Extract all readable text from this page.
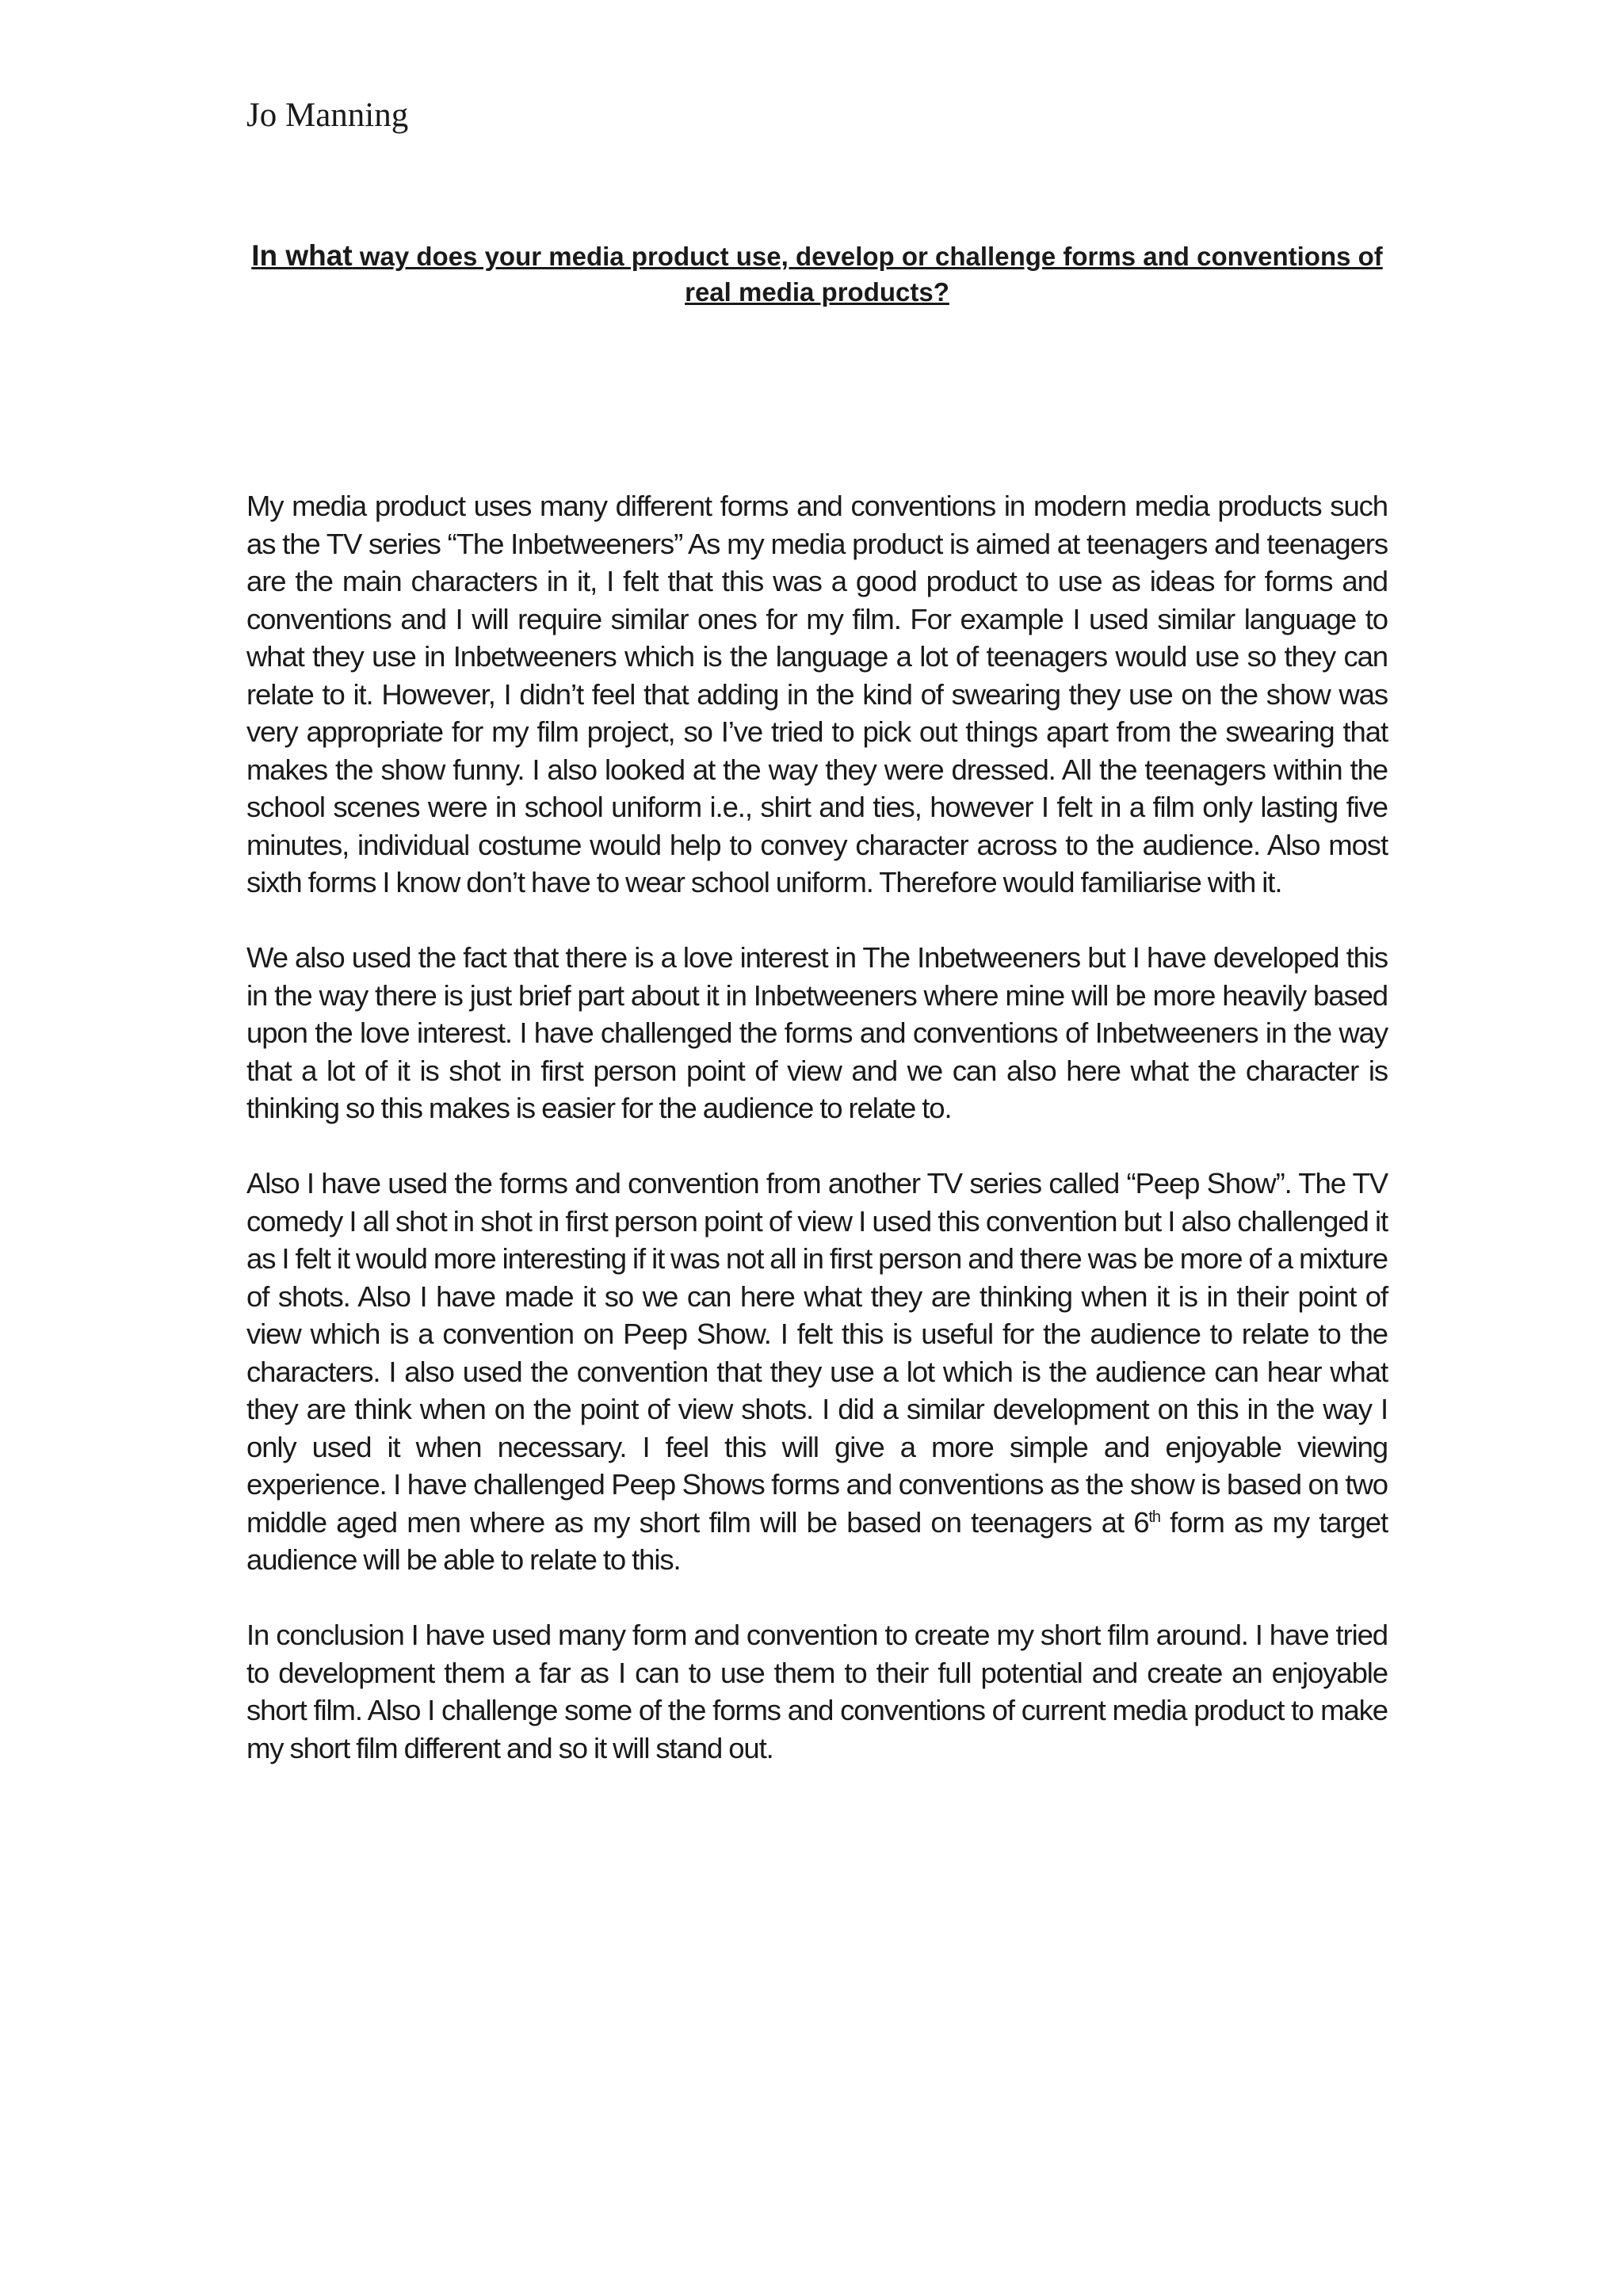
Jo Manning
In what way does your media product use, develop or challenge forms and conventions of real media products?

My media product uses many different forms and conventions in modern media products such as the TV series “The Inbetweeners” As my media product is aimed at teenagers and teenagers are the main characters in it, I felt that this was a good product to use as ideas for forms and conventions and I will require similar ones for my film. For example I used similar language to what they use in Inbetweeners which is the language a lot of teenagers would use so they can relate to it. However, I didn’t feel that adding in the kind of swearing they use on the show was very appropriate for my film project, so I’ve tried to pick out things apart from the swearing that makes the show funny. I also looked at the way they were dressed. All the teenagers within the school scenes were in school uniform i.e., shirt and ties, however I felt in a film only lasting five minutes, individual costume would help to convey character across to the audience. Also most sixth forms I know don’t have to wear school uniform. Therefore would familiarise with it.

We also used the fact that there is a love interest in The Inbetweeners but I have developed this in the way there is just brief part about it in Inbetweeners where mine will be more heavily based upon the love interest. I have challenged the forms and conventions of Inbetweeners in the way that a lot of it is shot in first person point of view and we can also here what the character is thinking so this makes is easier for the audience to relate to.

Also I have used the forms and convention from another TV series called “Peep Show”. The TV comedy I all shot in shot in first person point of view I used this convention but I also challenged it as I felt it would more interesting if it was not all in first person and there was be more of a mixture of shots. Also I have made it so we can here what they are thinking when it is in their point of view which is a convention on Peep Show. I felt this is useful for the audience to relate to the characters. I also used the convention that they use a lot which is the audience can hear what they are think when on the point of view shots. I did a similar development on this in the way I only used it when necessary. I feel this will give a more simple and enjoyable viewing experience. I have challenged Peep Shows forms and conventions as the show is based on two middle aged men where as my short film will be based on teenagers at 6th form as my target audience will be able to relate to this.

In conclusion I have used many form and convention to create my short film around. I have tried to development them a far as I can to use them to their full potential and create an enjoyable short film. Also I challenge some of the forms and conventions of current media product to make my short film different and so it will stand out.
